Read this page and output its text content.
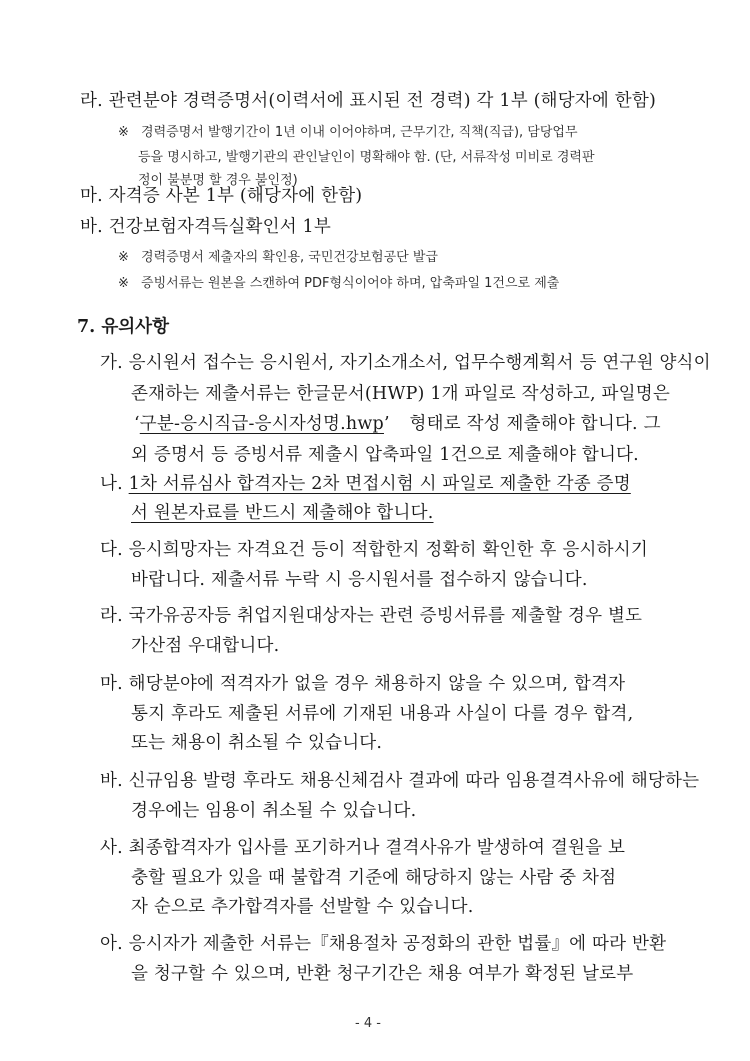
라. 관련분야 경력증명서(이력서에 표시된 전 경력) 각 1부 (해당자에 한함)
※ 경력증명서 발행기간이 1년 이내 이어야하며, 근무기간, 직책(직급), 담당업무
등을 명시하고, 발행기관의 관인날인이 명확해야 함. (단, 서류작성 미비로 경력판
정이 불분명 할 경우 불인정)
마. 자격증 사본 1부 (해당자에 한함)
바. 건강보험자격득실확인서 1부
※ 경력증명서 제출자의 확인용, 국민건강보험공단 발급
※ 증빙서류는 원본을 스캔하여 PDF형식이어야 하며, 압축파일 1건으로 제출
7. 유의사항
가. 응시원서 접수는 응시원서, 자기소개소서, 업무수행계획서 등 연구원 양식이
존재하는 제출서류는 한글문서(HWP) 1개 파일로 작성하고, 파일명은
‘구분-응시직급-응시자성명.hwp’ 형태로 작성 제출해야 합니다. 그
외 증명서 등 증빙서류 제출시 압축파일 1건으로 제출해야 합니다.
나. 1차 서류심사 합격자는 2차 면접시험 시 파일로 제출한 각종 증명
서 원본자료를 반드시 제출해야 합니다.
다. 응시희망자는 자격요건 등이 적합한지 정확히 확인한 후 응시하시기
바랍니다. 제출서류 누락 시 응시원서를 접수하지 않습니다.
라. 국가유공자등 취업지원대상자는 관련 증빙서류를 제출할 경우 별도
가산점 우대합니다.
마. 해당분야에 적격자가 없을 경우 채용하지 않을 수 있으며, 합격자
통지 후라도 제출된 서류에 기재된 내용과 사실이 다를 경우 합격,
또는 채용이 취소될 수 있습니다.
바. 신규임용 발령 후라도 채용신체검사 결과에 따라 임용결격사유에 해당하는
경우에는 임용이 취소될 수 있습니다.
사. 최종합격자가 입사를 포기하거나 결격사유가 발생하여 결원을 보
충할 필요가 있을 때 불합격 기준에 해당하지 않는 사람 중 차점
자 순으로 추가합격자를 선발할 수 있습니다.
아. 응시자가 제출한 서류는『채용절차 공정화의 관한 법률』에 따라 반환
을 청구할 수 있으며, 반환 청구기간은 채용 여부가 확정된 날로부
- 4 -
